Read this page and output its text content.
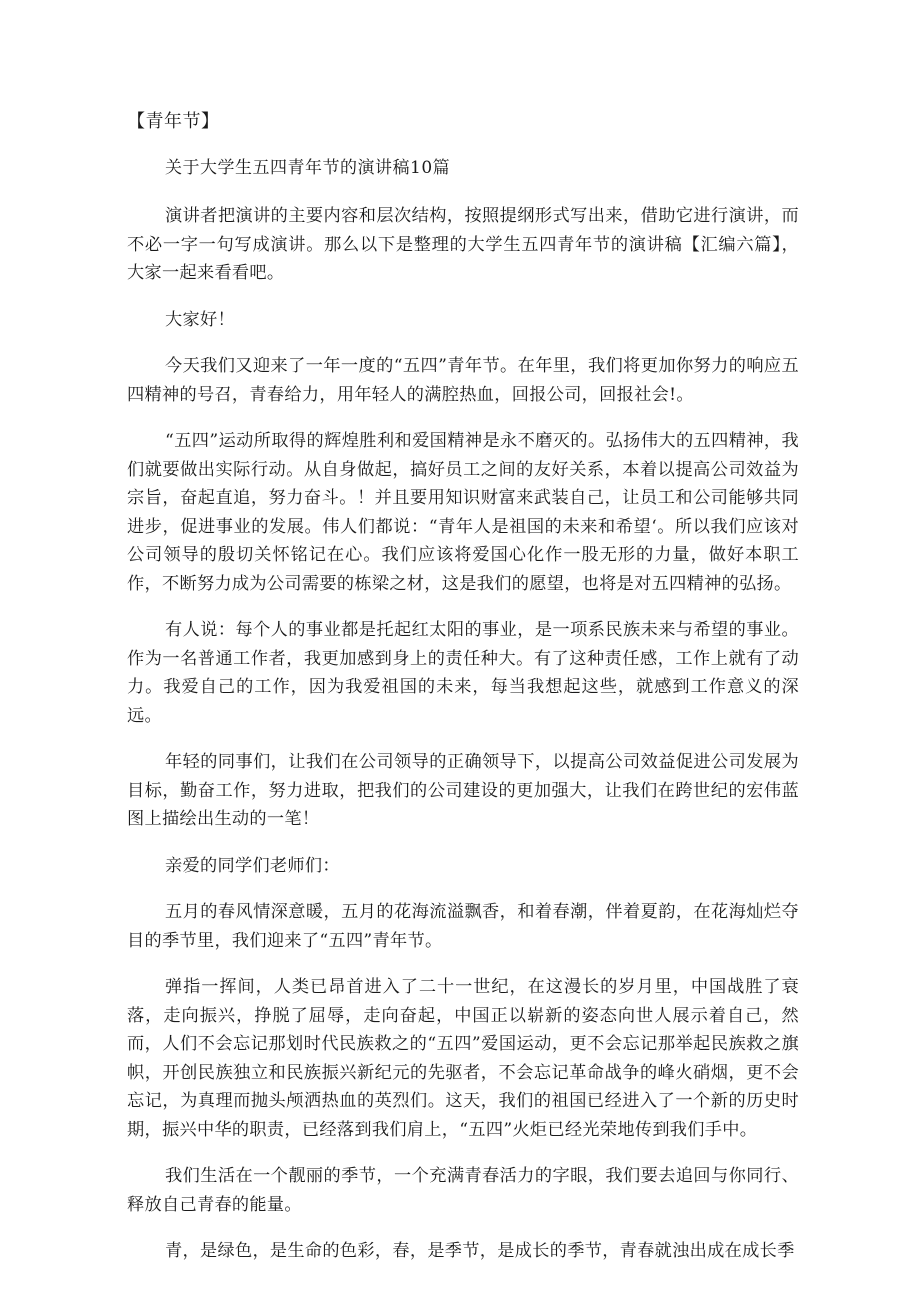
【青年节】
关于大学生五四青年节的演讲稿10篇

演讲者把演讲的主要内容和层次结构，按照提纲形式写出来，借助它进行演讲，而不必一字一句写成演讲。那么以下是整理的大学生五四青年节的演讲稿【汇编六篇】，大家一起来看看吧。

大家好！

今天我们又迎来了一年一度的“五四”青年节。在年里，我们将更加你努力的响应五四精神的号召，青春给力，用年轻人的满腔热血，回报公司，回报社会!。

“五四”运动所取得的辉煌胜利和爱国精神是永不磨灭的。弘扬伟大的五四精神，我们就要做出实际行动。从自身做起，搞好员工之间的友好关系，本着以提高公司效益为宗旨，奋起直追，努力奋斗。！并且要用知识财富来武装自己，让员工和公司能够共同进步，促进事业的发展。伟人们都说：“青年人是祖国的未来和希望‘。所以我们应该对公司领导的殷切关怀铭记在心。我们应该将爱国心化作一股无形的力量，做好本职工作，不断努力成为公司需要的栋梁之材，这是我们的愿望，也将是对五四精神的弘扬。

有人说：每个人的事业都是托起红太阳的事业，是一项系民族未来与希望的事业。作为一名普通工作者，我更加感到身上的责任种大。有了这种责任感，工作上就有了动力。我爱自己的工作，因为我爱祖国的未来，每当我想起这些，就感到工作意义的深远。

年轻的同事们，让我们在公司领导的正确领导下，以提高公司效益促进公司发展为目标，勤奋工作，努力进取，把我们的公司建设的更加强大，让我们在跨世纪的宏伟蓝图上描绘出生动的一笔！

亲爱的同学们老师们：

五月的春风情深意暖，五月的花海流溢飘香，和着春潮，伴着夏韵，在花海灿烂夺目的季节里，我们迎来了“五四”青年节。

弹指一挥间，人类已昂首进入了二十一世纪，在这漫长的岁月里，中国战胜了衰落，走向振兴，挣脱了屈辱，走向奋起，中国正以崭新的姿态向世人展示着自己，然而，人们不会忘记那划时代民族救之的“五四”爱国运动，更不会忘记那举起民族救之旗帜，开创民族独立和民族振兴新纪元的先驱者，不会忘记革命战争的峰火硝烟，更不会忘记，为真理而抛头颅洒热血的英烈们。这天，我们的祖国已经进入了一个新的历史时期，振兴中华的职责，已经落到我们肩上，“五四”火炬已经光荣地传到我们手中。

我们生活在一个靓丽的季节，一个充满青春活力的字眼，我们要去追回与你同行、释放自己青春的能量。

青，是绿色，是生命的色彩，春，是季节，是成长的季节，青春就浊出成在成长季
